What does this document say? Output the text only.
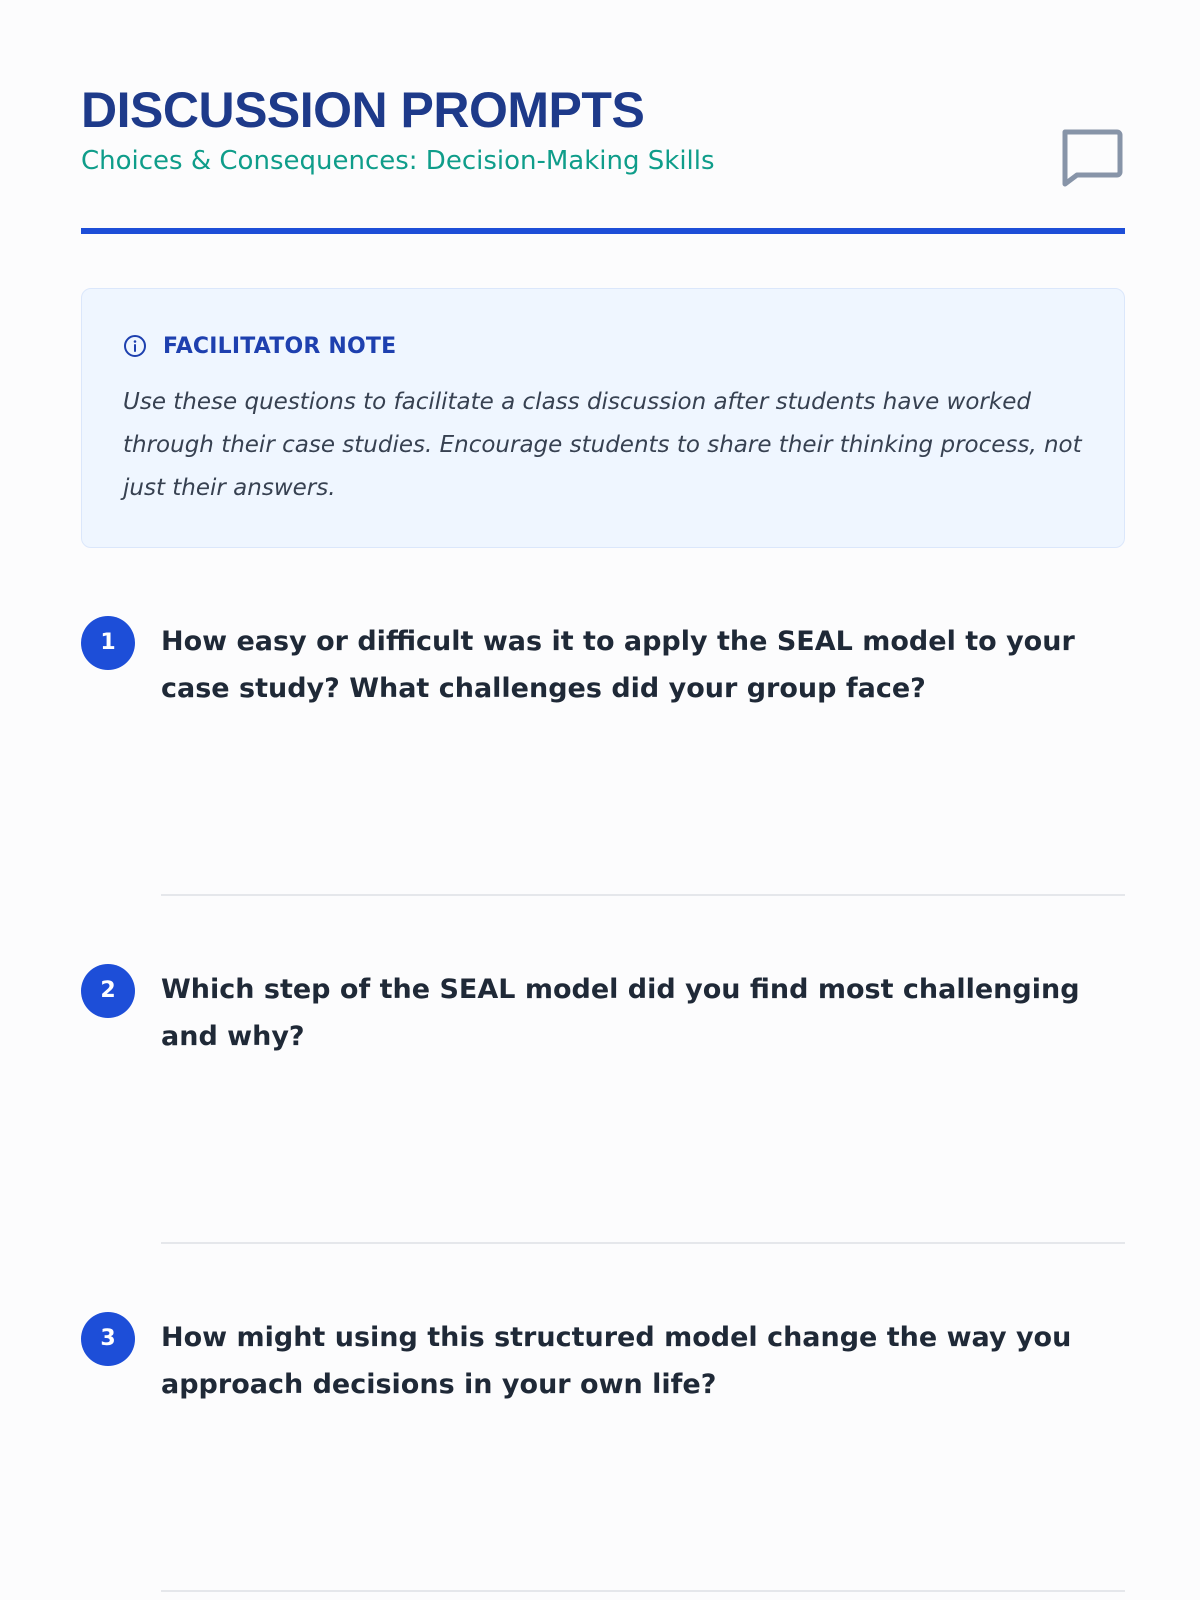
DISCUSSION PROMPTS
Choices & Consequences: Decision-Making Skills
FACILITATOR NOTE

Use these questions to facilitate a class discussion after students have worked through their case studies. Encourage students to share their thinking process, not just their answers.

1	How easy or difficult was it to apply the SEAL model to your case study? What challenges did your group face?
2	Which step of the SEAL model did you find most challenging and why?
3	How might using this structured model change the way you approach decisions in your own life?
